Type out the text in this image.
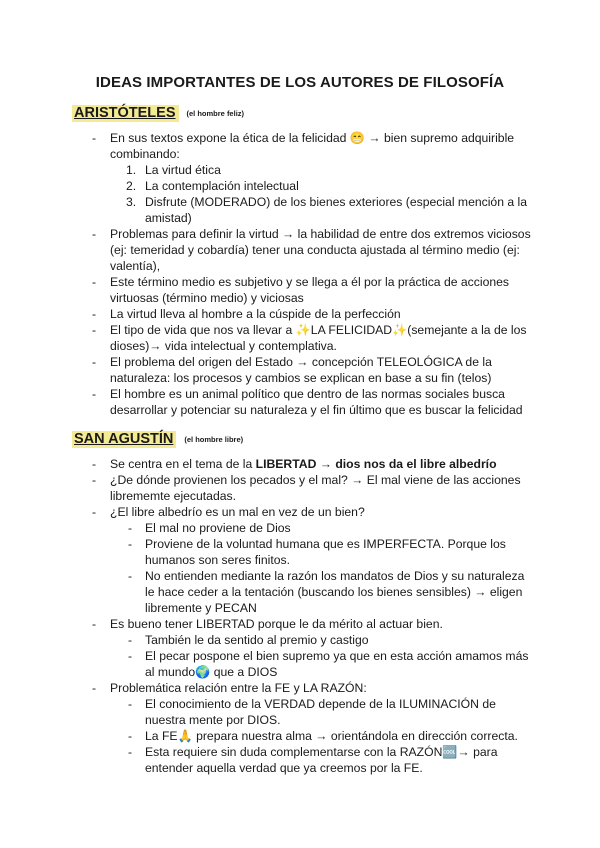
IDEAS IMPORTANTES DE LOS AUTORES DE FILOSOFÍA
ARISTÓTELES (el hombre feliz)
- En sus textos expone la ética de la felicidad 😁 → bien supremo adquirible
combinando:
1. La virtud ética
2. La contemplación intelectual
3. Disfrute (MODERADO) de los bienes exteriores (especial mención a la
amistad)
- Problemas para definir la virtud → la habilidad de entre dos extremos viciosos
(ej: temeridad y cobardía) tener una conducta ajustada al término medio (ej:
valentía),
- Este término medio es subjetivo y se llega a él por la práctica de acciones
virtuosas (término medio) y viciosas
- La virtud lleva al hombre a la cúspide de la perfección
- El tipo de vida que nos va llevar a ✨LA FELICIDAD✨(semejante a la de los
dioses)→ vida intelectual y contemplativa.
- El problema del origen del Estado → concepción TELEOLÓGICA de la
naturaleza: los procesos y cambios se explican en base a su fin (telos)
- El hombre es un animal político que dentro de las normas sociales busca
desarrollar y potenciar su naturaleza y el fin último que es buscar la felicidad
SAN AGUSTÍN (el hombre libre)
- Se centra en el tema de la LIBERTAD → dios nos da el libre albedrío
- ¿De dónde provienen los pecados y el mal? → El mal viene de las acciones
librememte ejecutadas.
- ¿El libre albedrío es un mal en vez de un bien?
- El mal no proviene de Dios
- Proviene de la voluntad humana que es IMPERFECTA. Porque los
humanos son seres finitos.
- No entienden mediante la razón los mandatos de Dios y su naturaleza
le hace ceder a la tentación (buscando los bienes sensibles) → eligen
libremente y PECAN
- Es bueno tener LIBERTAD porque le da mérito al actuar bien.
- También le da sentido al premio y castigo
- El pecar pospone el bien supremo ya que en esta acción amamos más
al mundo🌍 que a DIOS
- Problemática relación entre la FE y LA RAZÓN:
- El conocimiento de la VERDAD depende de la ILUMINACIÓN de
nuestra mente por DIOS.
- La FE🙏 prepara nuestra alma → orientándola en dirección correcta.
- Esta requiere sin duda complementarse con la RAZÓN🆒→ para
entender aquella verdad que ya creemos por la FE.
